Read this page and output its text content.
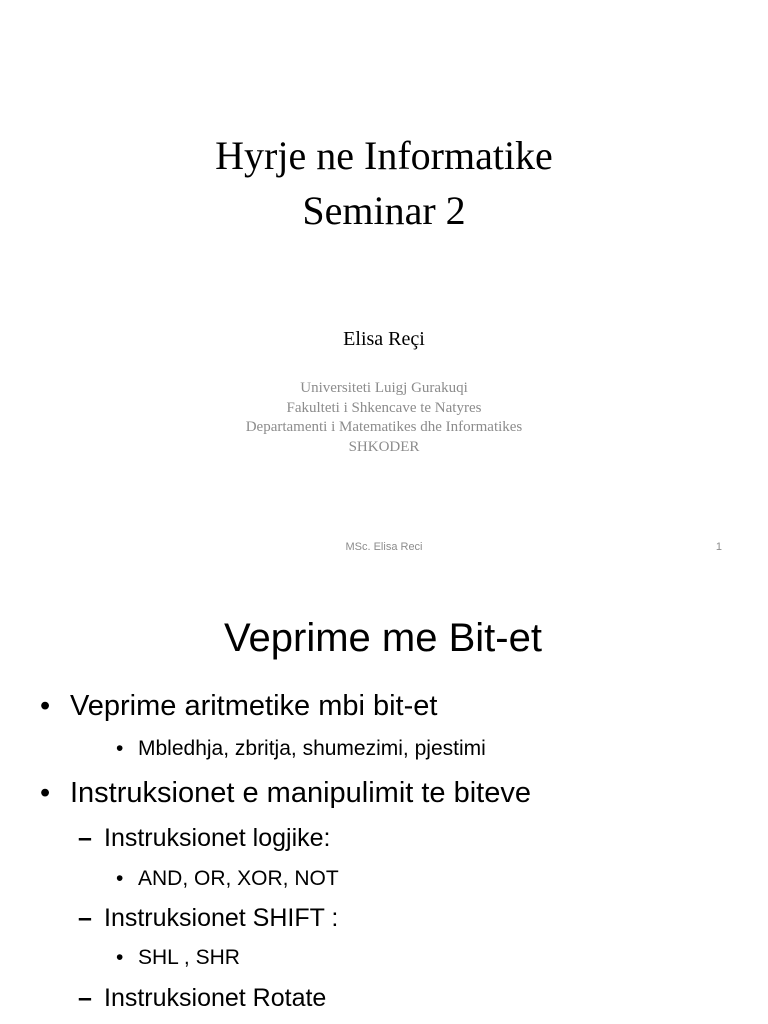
Hyrje ne Informatike
Seminar 2
Elisa Reçi
Universiteti Luigj Gurakuqi
Fakulteti i Shkencave te Natyres
Departamenti i Matematikes dhe Informatikes
SHKODER
MSc. Elisa Reci	1
Veprime me Bit-et
• Veprime aritmetike mbi bit-et
• Mbledhja, zbritja, shumezimi, pjestimi
• Instruksionet e manipulimit te biteve
– Instruksionet logjike:
• AND, OR, XOR, NOT
– Instruksionet SHIFT :
• SHL , SHR
– Instruksionet Rotate
